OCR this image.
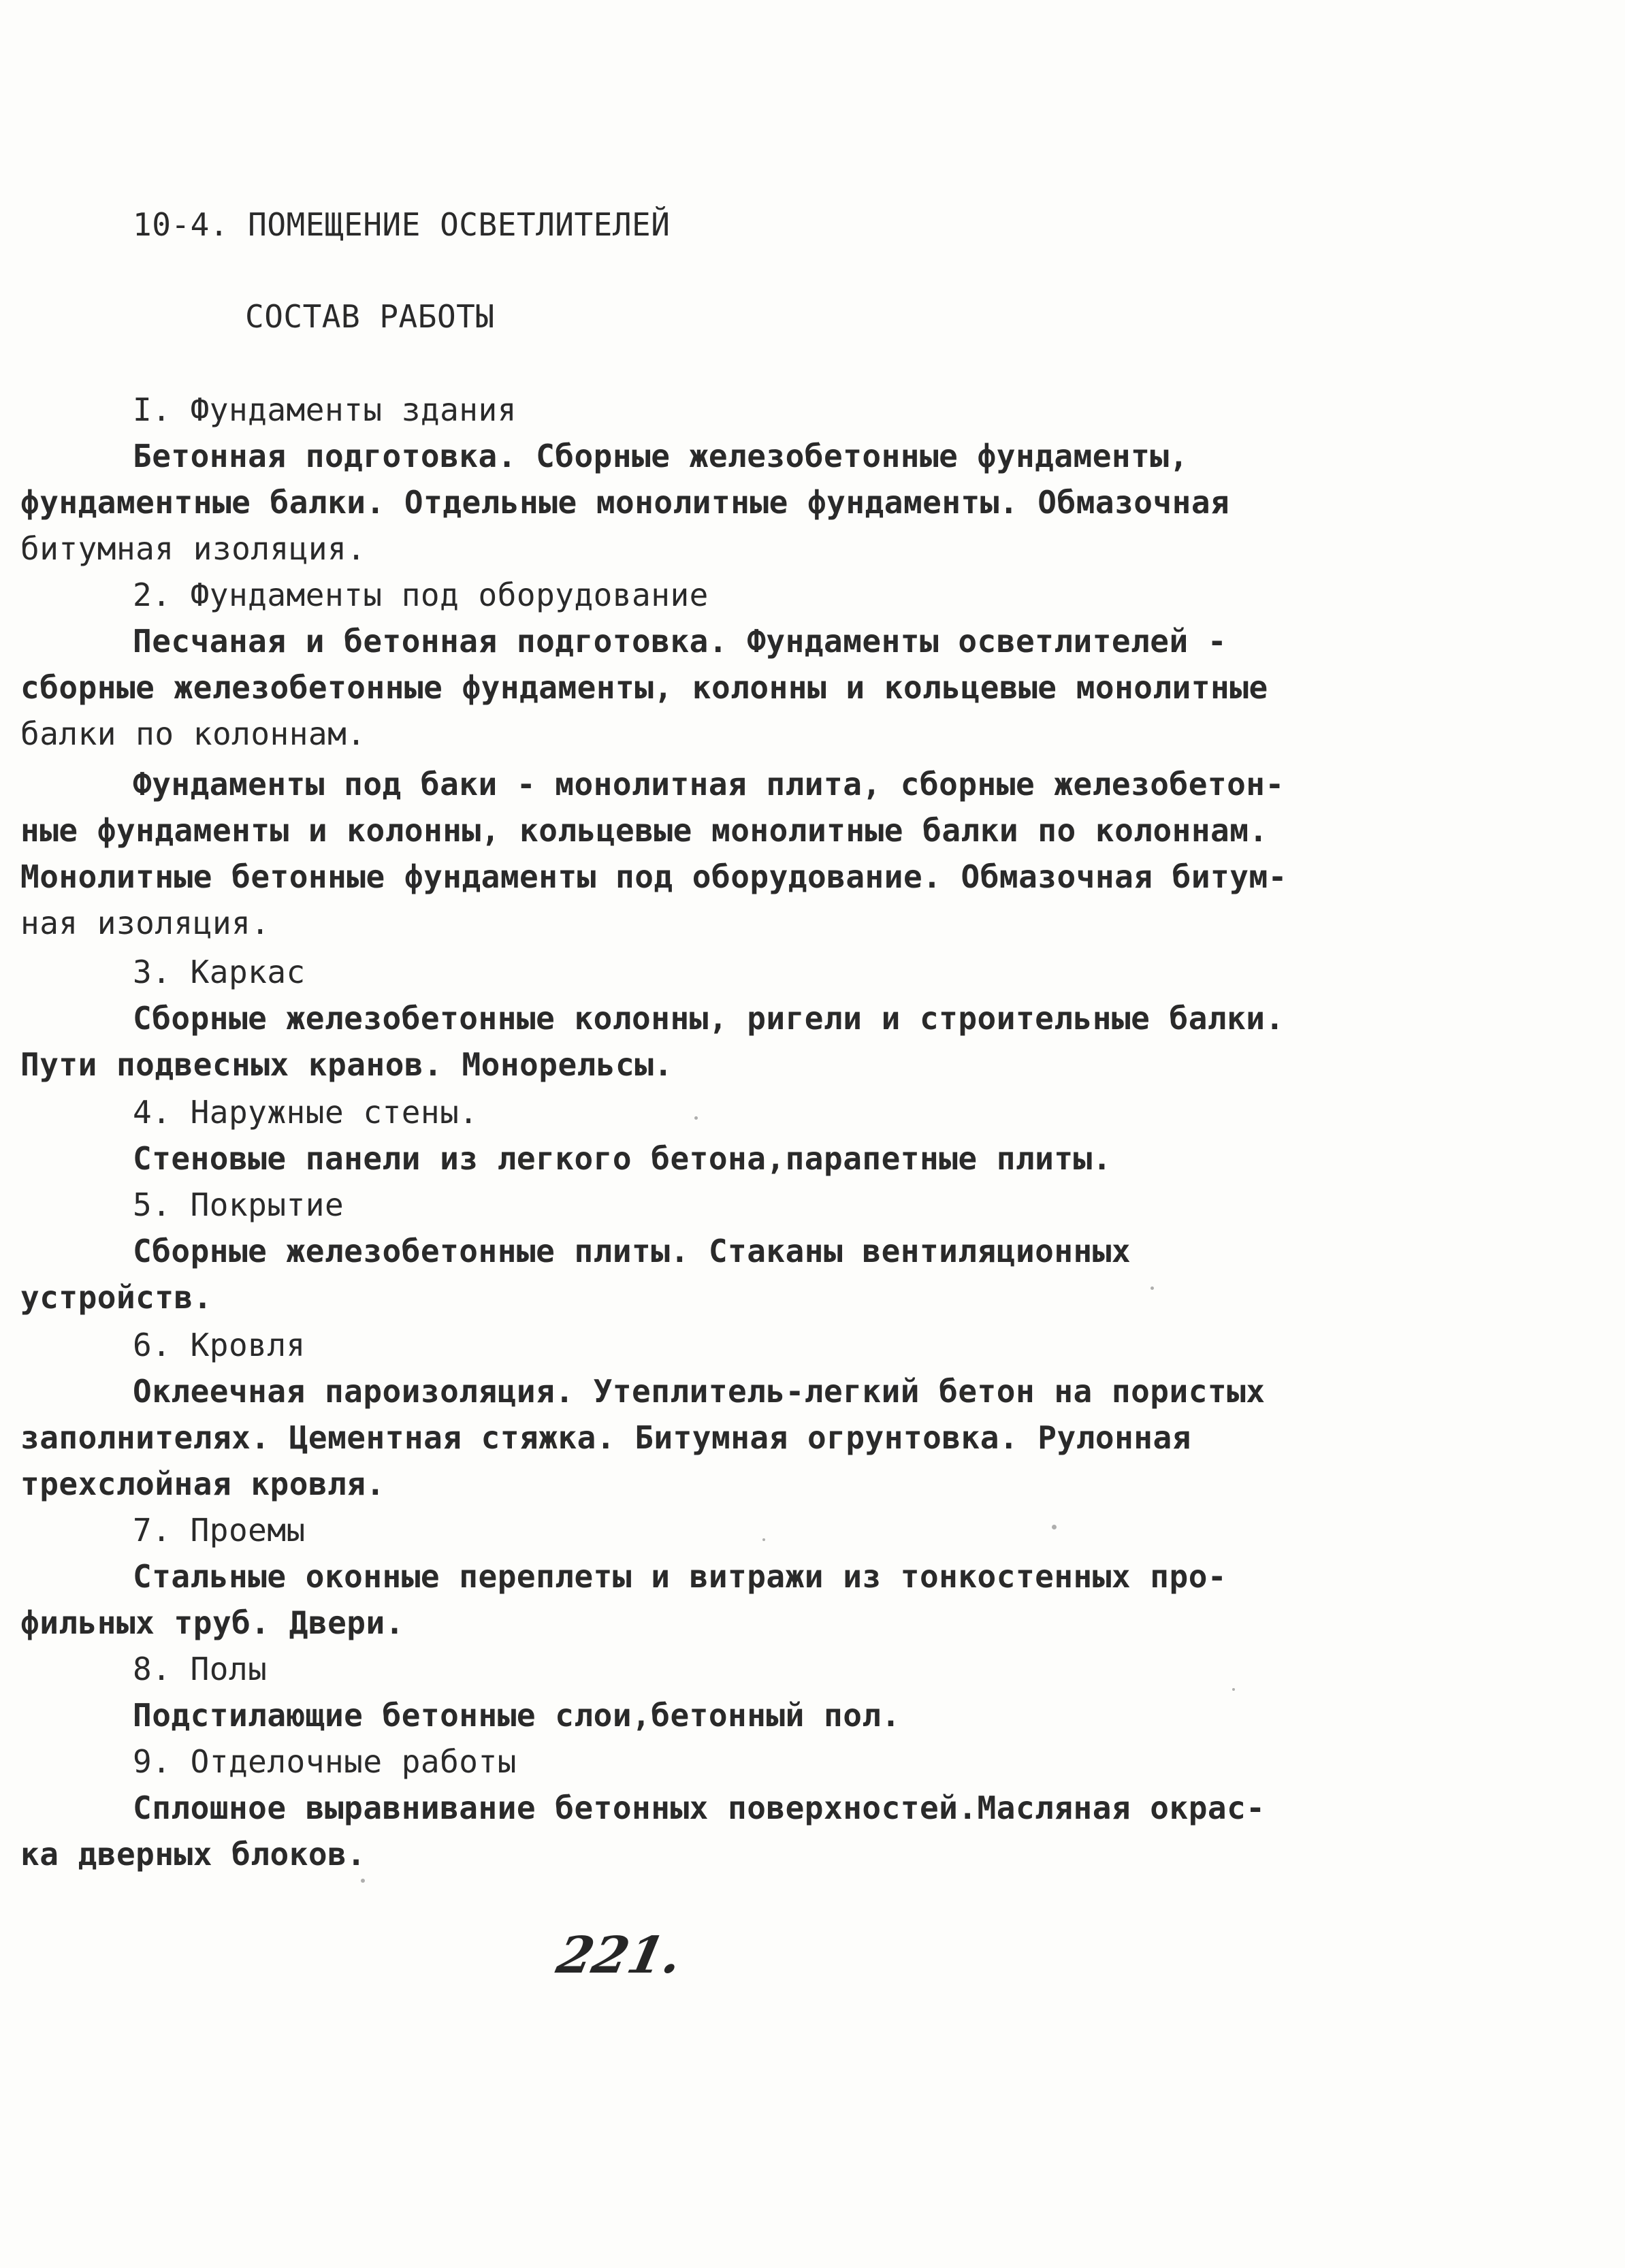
10-4. ПОМЕЩЕНИЕ ОСВЕТЛИТЕЛЕЙ
СОСТАВ РАБОТЫ
I. Фундаменты здания
Бетонная подготовка. Сборные железобетонные фундаменты,
фундаментные балки. Отдельные монолитные фундаменты. Обмазочная
битумная изоляция.
2. Фундаменты под оборудование
Песчаная и бетонная подготовка. Фундаменты осветлителей -
сборные железобетонные фундаменты, колонны и кольцевые монолитные
балки по колоннам.
Фундаменты под баки - монолитная плита, сборные железобетон-
ные фундаменты и колонны, кольцевые монолитные балки по колоннам.
Монолитные бетонные фундаменты под оборудование. Обмазочная битум-
ная изоляция.
3. Каркас
Сборные железобетонные колонны, ригели и строительные балки.
Пути подвесных кранов. Монорельсы.
4. Наружные стены.
Стеновые панели из легкого бетона,парапетные плиты.
5. Покрытие
Сборные железобетонные плиты. Стаканы вентиляционных
устройств.
6. Кровля
Оклеечная пароизоляция. Утеплитель-легкий бетон на пористых
заполнителях. Цементная стяжка. Битумная огрунтовка. Рулонная
трехслойная кровля.
7. Проемы
Стальные оконные переплеты и витражи из тонкостенных про-
фильных труб. Двери.
8. Полы
Подстилающие бетонные слои,бетонный пол.
9. Отделочные работы
Сплошное выравнивание бетонных поверхностей.Масляная окрас-
ка дверных блоков.
221.
